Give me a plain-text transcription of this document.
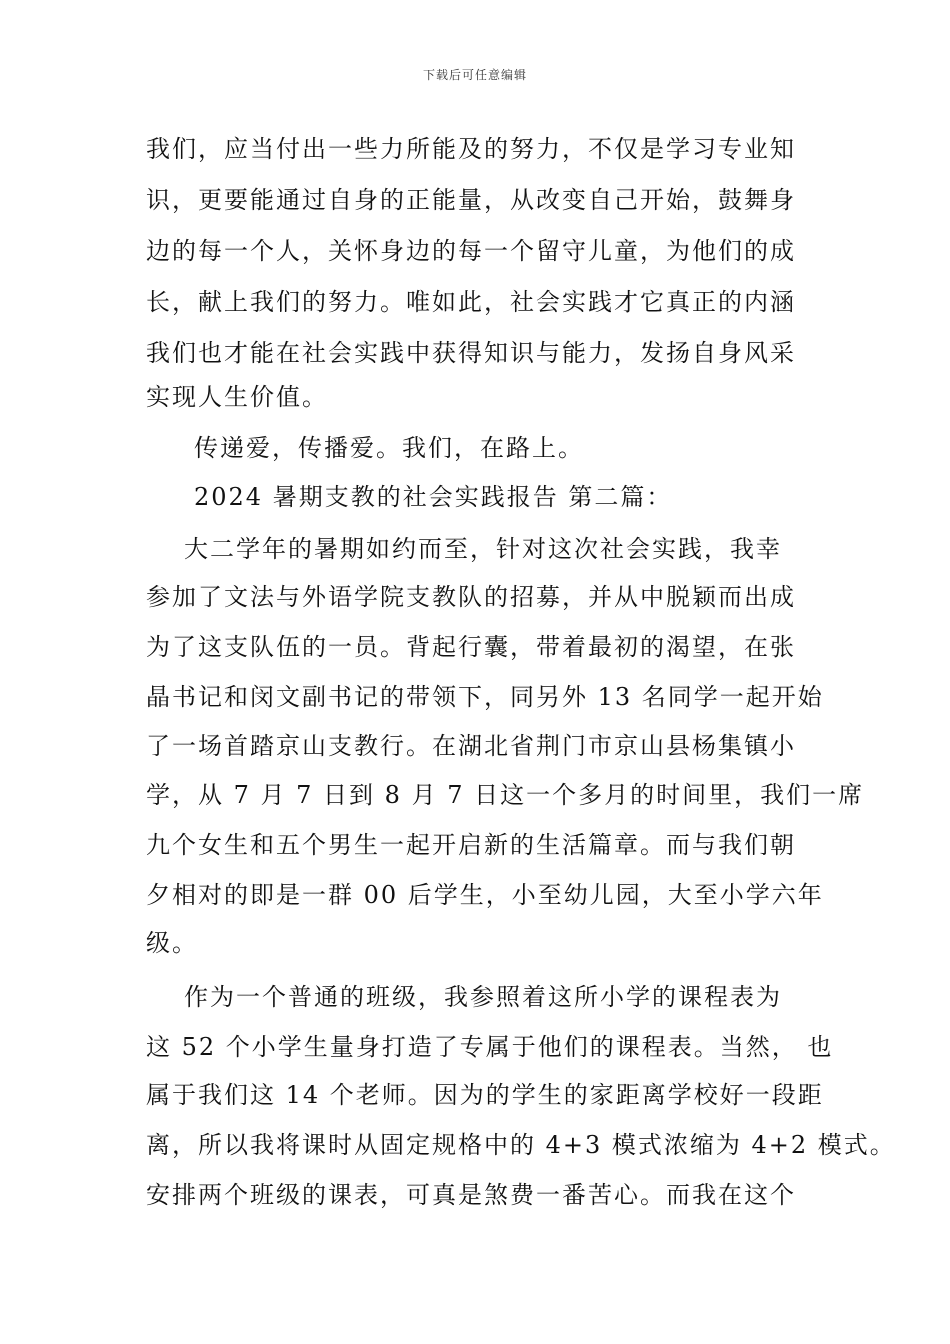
下载后可任意编辑
我们，应当付出一些力所能及的努力，不仅是学习专业知
识，更要能通过自身的正能量，从改变自己开始，鼓舞身
边的每一个人，关怀身边的每一个留守儿童，为他们的成
长，献上我们的努力。唯如此，社会实践才它真正的内涵
我们也才能在社会实践中获得知识与能力，发扬自身风采
实现人生价值。
传递爱，传播爱。我们，在路上。
2024 暑期支教的社会实践报告 第二篇：
大二学年的暑期如约而至，针对这次社会实践，我幸
参加了文法与外语学院支教队的招募，并从中脱颖而出成
为了这支队伍的一员。背起行囊，带着最初的渴望，在张
晶书记和闵文副书记的带领下，同另外 13 名同学一起开始
了一场首踏京山支教行。在湖北省荆门市京山县杨集镇小
学，从 7 月 7 日到 8 月 7 日这一个多月的时间里，我们一席
九个女生和五个男生一起开启新的生活篇章。而与我们朝
夕相对的即是一群 00 后学生，小至幼儿园，大至小学六年
级。
作为一个普通的班级，我参照着这所小学的课程表为
这 52 个小学生量身打造了专属于他们的课程表。当然， 也
属于我们这 14 个老师。因为的学生的家距离学校好一段距
离，所以我将课时从固定规格中的 4+3 模式浓缩为 4+2 模式。
安排两个班级的课表，可真是煞费一番苦心。而我在这个
